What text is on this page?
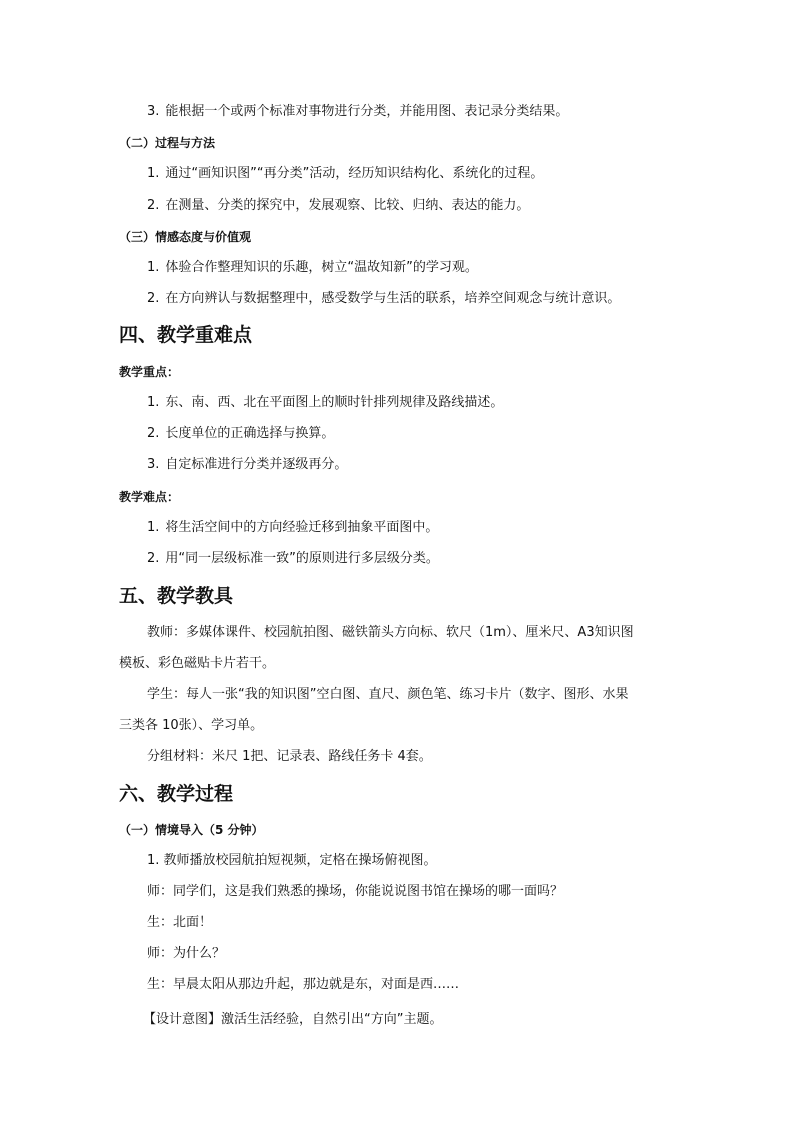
3. 能根据一个或两个标准对事物进行分类，并能用图、表记录分类结果。
（二）过程与方法
1. 通过“画知识图”“再分类”活动，经历知识结构化、系统化的过程。
2. 在测量、分类的探究中，发展观察、比较、归纳、表达的能力。
（三）情感态度与价值观
1. 体验合作整理知识的乐趣，树立“温故知新”的学习观。
2. 在方向辨认与数据整理中，感受数学与生活的联系，培养空间观念与统计意识。
四、教学重难点
教学重点：
1. 东、南、西、北在平面图上的顺时针排列规律及路线描述。
2. 长度单位的正确选择与换算。
3. 自定标准进行分类并逐级再分。
教学难点：
1. 将生活空间中的方向经验迁移到抽象平面图中。
2. 用“同一层级标准一致”的原则进行多层级分类。
五、教学教具
教师：多媒体课件、校园航拍图、磁铁箭头方向标、软尺（1m）、厘米尺、A3知识图
模板、彩色磁贴卡片若干。
学生：每人一张“我的知识图”空白图、直尺、颜色笔、练习卡片（数字、图形、水果
三类各 10张）、学习单。
分组材料：米尺 1把、记录表、路线任务卡 4套。
六、教学过程
（一）情境导入（5 分钟）
1. 教师播放校园航拍短视频，定格在操场俯视图。
师：同学们，这是我们熟悉的操场，你能说说图书馆在操场的哪一面吗？
生：北面！
师：为什么？
生：早晨太阳从那边升起，那边就是东，对面是西……
【设计意图】激活生活经验，自然引出“方向”主题。
